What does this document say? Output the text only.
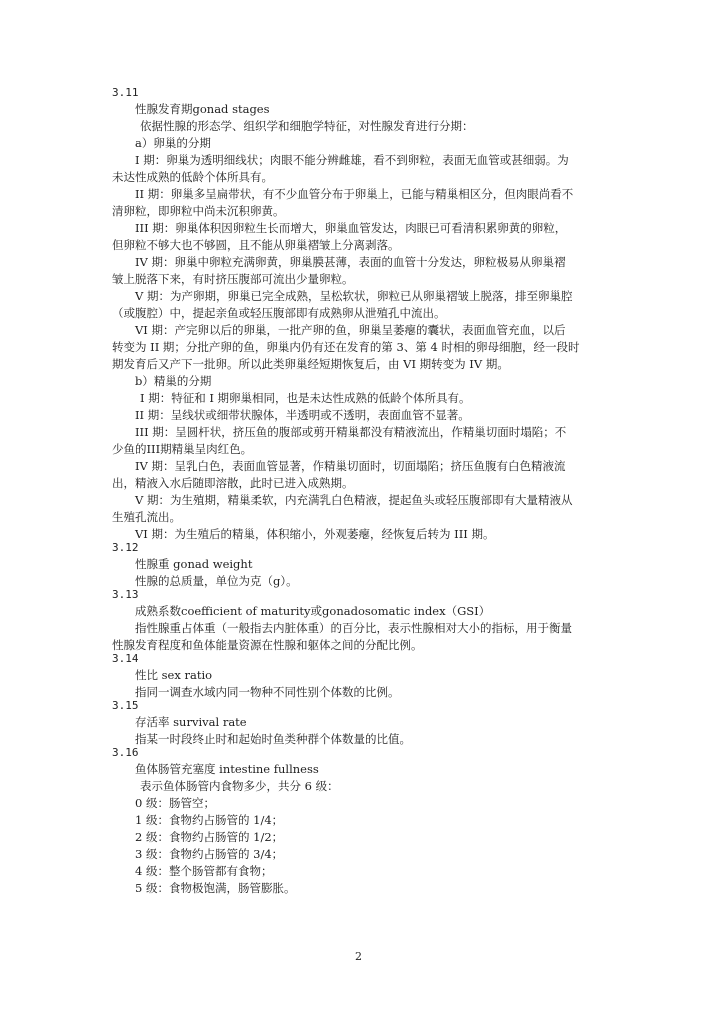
3.11
性腺发育期gonad stages
依据性腺的形态学、组织学和细胞学特征，对性腺发育进行分期：
a）卵巢的分期
I 期：卵巢为透明细线状；肉眼不能分辨雌雄，看不到卵粒，表面无血管或甚细弱。为
未达性成熟的低龄个体所具有。
II 期：卵巢多呈扁带状，有不少血管分布于卵巢上，已能与精巢相区分，但肉眼尚看不
清卵粒，即卵粒中尚未沉积卵黄。
III 期：卵巢体积因卵粒生长而增大，卵巢血管发达，肉眼已可看清积累卵黄的卵粒，
但卵粒不够大也不够圆，且不能从卵巢褶皱上分离剥落。
IV 期：卵巢中卵粒充满卵黄，卵巢膜甚薄，表面的血管十分发达，卵粒极易从卵巢褶
皱上脱落下来，有时挤压腹部可流出少量卵粒。
V 期：为产卵期，卵巢已完全成熟，呈松软状，卵粒已从卵巢褶皱上脱落，排至卵巢腔
（或腹腔）中，提起亲鱼或轻压腹部即有成熟卵从泄殖孔中流出。
VI 期：产完卵以后的卵巢，一批产卵的鱼，卵巢呈萎瘪的囊状，表面血管充血，以后
转变为 II 期；分批产卵的鱼，卵巢内仍有还在发育的第 3、第 4 时相的卵母细胞，经一段时
期发育后又产下一批卵。所以此类卵巢经短期恢复后，由 VI 期转变为 IV 期。
b）精巢的分期
I 期：特征和 I 期卵巢相同，也是未达性成熟的低龄个体所具有。
II 期：呈线状或细带状腺体，半透明或不透明，表面血管不显著。
III 期：呈圆杆状，挤压鱼的腹部或剪开精巢都没有精液流出，作精巢切面时塌陷；不
少鱼的III期精巢呈肉红色。
IV 期：呈乳白色，表面血管显著，作精巢切面时，切面塌陷；挤压鱼腹有白色精液流
出，精液入水后随即溶散，此时已进入成熟期。
V 期：为生殖期，精巢柔软，内充满乳白色精液，提起鱼头或轻压腹部即有大量精液从
生殖孔流出。
VI 期：为生殖后的精巢，体积缩小，外观萎瘪，经恢复后转为 III 期。
3.12
性腺重 gonad weight
性腺的总质量，单位为克（g）。
3.13
成熟系数coefficient of maturity或gonadosomatic index（GSI）
指性腺重占体重（一般指去内脏体重）的百分比，表示性腺相对大小的指标，用于衡量
性腺发育程度和鱼体能量资源在性腺和躯体之间的分配比例。
3.14
性比 sex ratio
指同一调查水域内同一物种不同性别个体数的比例。
3.15
存活率 survival rate
指某一时段终止时和起始时鱼类种群个体数量的比值。
3.16
鱼体肠管充塞度 intestine fullness
表示鱼体肠管内食物多少，共分 6 级：
0 级：肠管空；
1 级：食物约占肠管的 1/4；
2 级：食物约占肠管的 1/2；
3 级：食物约占肠管的 3/4；
4 级：整个肠管都有食物；
5 级：食物极饱满，肠管膨胀。
2
